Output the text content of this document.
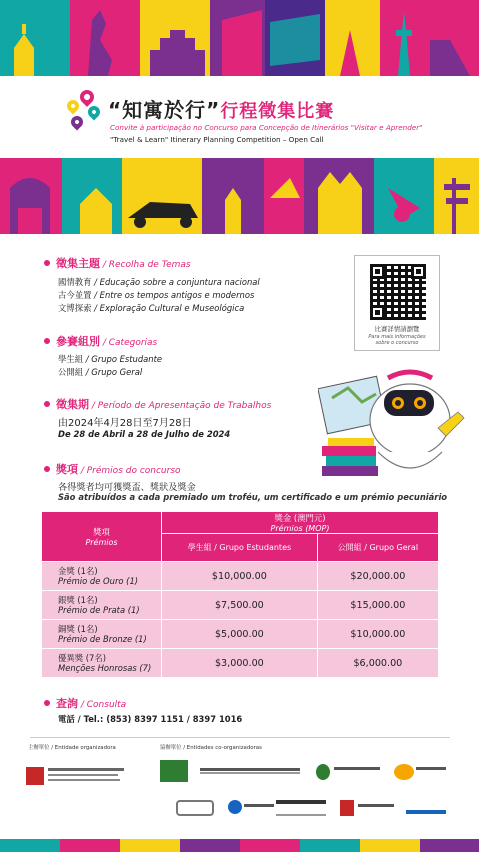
“知寓於行”行程徵集比賽
Convite à participação no Concurso para Concepção de Itinerários "Visitar e Aprender"
"Travel & Learn" Itinerary Planning Competition – Open Call
徵集主題 / Recolha de Temas
國情教育 / Educação sobre a conjuntura nacional
古今並置 / Entre os tempos antigos e modernos
文博探索 / Exploração Cultural e Museológica
比賽詳情請瀏覽
Para mais informações
sobre o concurso
參賽組別 / Categorias
學生組 / Grupo Estudante
公開組 / Grupo Geral
徵集期 / Período de Apresentação de Trabalhos
由2024年4月28日至7月28日
De 28 de Abril a 28 de Julho de 2024
獎項 / Prémios do concurso
各得獎者均可獲獎盃、獎狀及獎金
São atribuídos a cada premiado um troféu, um certificado e um prémio pecuniário
獎項
Prémios	獎金 (澳門元)
Prémios (MOP)	

	學生組 / Grupo Estudantes	公開組 / Grupo Geral
金獎 (1名)
Prémio de Ouro (1)	$10,000.00	$20,000.00
銀獎 (1名)
Prémio de Prata (1)	$7,500.00	$15,000.00
銅獎 (1名)
Prémio de Bronze (1)	$5,000.00	$10,000.00
優異獎 (7名)
Menções Honrosas (7)	$3,000.00	$6,000.00
查詢 / Consulta
電話 / Tel.: (853) 8397 1151 / 8397 1016
主辦單位 / Entidade organizadora	協辦單位 / Entidades co-organizadoras
